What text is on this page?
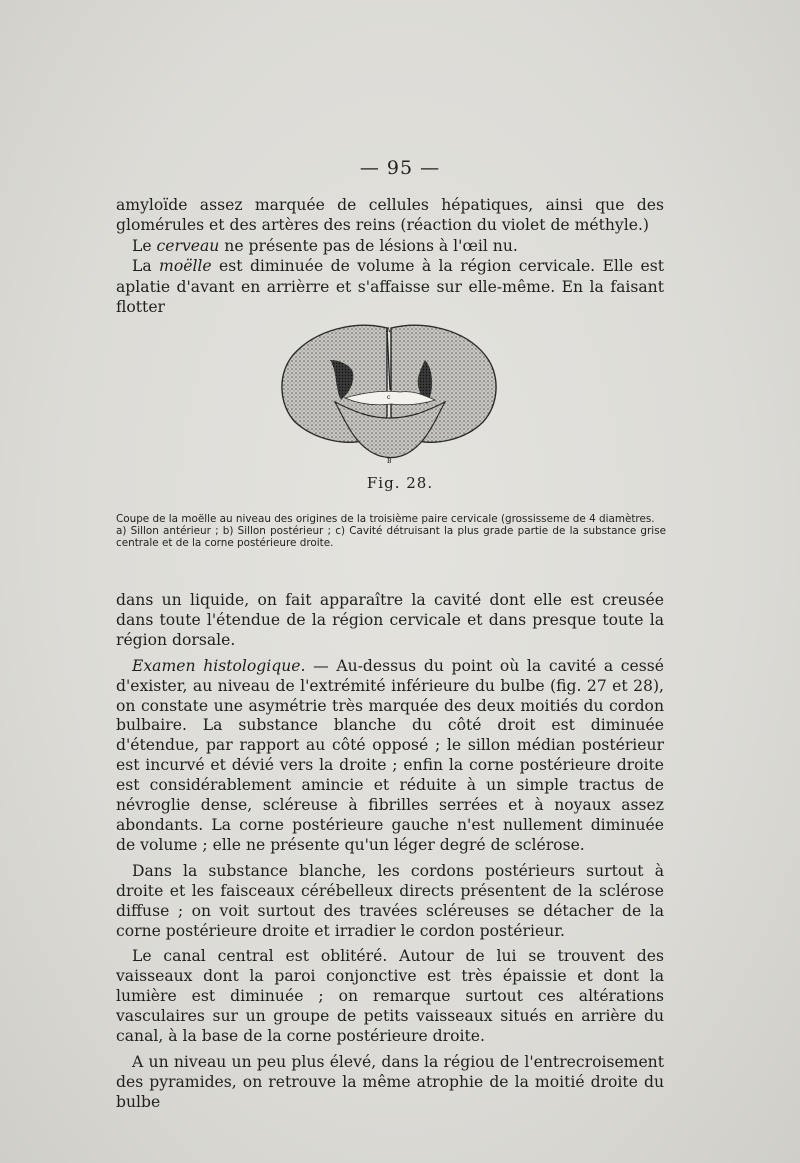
— 95 —

amyloïde assez marquée de cellules hépatiques, ainsi que des glomérules et des artères des reins (réaction du violet de méthyle.)

Le cerveau ne présente pas de lésions à l'œil nu.

La moëlle est diminuée de volume à la région cervicale. Elle est aplatie d'avant en arrièrre et s'affaisse sur elle-même. En la faisant flotter

A
c
B
Fig. 28.
Coupe de la moëlle au niveau des origines de la troisième paire cervicale (grossisseme de 4 diamètres.
a) Sillon antérieur ; b) Sillon postérieur ; c) Cavité détruisant la plus grade partie de la substance grise centrale et de la corne postérieure droite.

dans un liquide, on fait apparaître la cavité dont elle est creusée dans toute l'étendue de la région cervicale et dans presque toute la région dorsale.

Examen histologique. — Au-dessus du point où la cavité a cessé d'exister, au niveau de l'extrémité inférieure du bulbe (fig. 27 et 28), on constate une asymétrie très marquée des deux moitiés du cordon bulbaire. La substance blanche du côté droit est diminuée d'étendue, par rapport au côté opposé ; le sillon médian postérieur est incurvé et dévié vers la droite ; enfin la corne postérieure droite est considérablement amincie et réduite à un simple tractus de névroglie dense, scléreuse à fibrilles serrées et à noyaux assez abondants. La corne postérieure gauche n'est nullement diminuée de volume ; elle ne présente qu'un léger degré de sclérose.

Dans la substance blanche, les cordons postérieurs surtout à droite et les faisceaux cérébelleux directs présentent de la sclérose diffuse ; on voit surtout des travées scléreuses se détacher de la corne postérieure droite et irradier le cordon postérieur.

Le canal central est oblitéré. Autour de lui se trouvent des vaisseaux dont la paroi conjonctive est très épaissie et dont la lumière est diminuée ; on remarque surtout ces altérations vasculaires sur un groupe de petits vaisseaux situés en arrière du canal, à la base de la corne postérieure droite.

A un niveau un peu plus élevé, dans la régiou de l'entrecroisement des pyramides, on retrouve la même atrophie de la moitié droite du bulbe
